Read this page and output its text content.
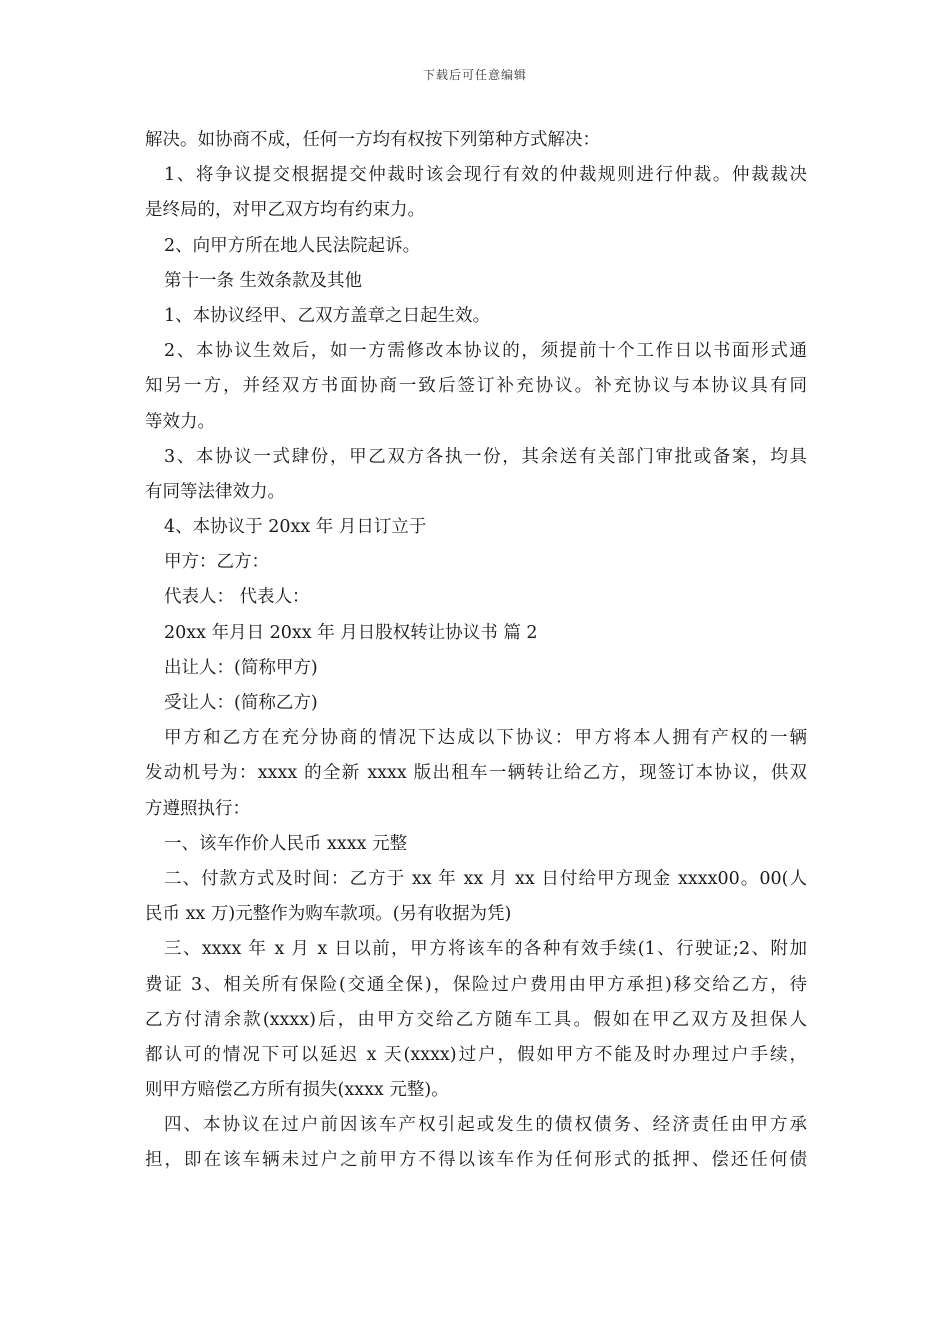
下载后可任意编辑
解决。如协商不成，任何一方均有权按下列第种方式解决：
1、将争议提交根据提交仲裁时该会现行有效的仲裁规则进行仲裁。仲裁裁决
是终局的，对甲乙双方均有约束力。
2、向甲方所在地人民法院起诉。
第十一条 生效条款及其他
1、本协议经甲、乙双方盖章之日起生效。
2、本协议生效后，如一方需修改本协议的，须提前十个工作日以书面形式通
知另一方，并经双方书面协商一致后签订补充协议。补充协议与本协议具有同
等效力。
3、本协议一式肆份，甲乙双方各执一份，其余送有关部门审批或备案，均具
有同等法律效力。
4、本协议于 20xx 年 月日订立于
甲方：乙方：
代表人： 代表人：
20xx 年月日 20xx 年 月日股权转让协议书 篇 2
出让人：(简称甲方)
受让人：(简称乙方)
甲方和乙方在充分协商的情况下达成以下协议：甲方将本人拥有产权的一辆
发动机号为：xxxx 的全新 xxxx 版出租车一辆转让给乙方，现签订本协议，供双
方遵照执行：
一、该车作价人民币 xxxx 元整
二、付款方式及时间：乙方于 xx 年 xx 月 xx 日付给甲方现金 xxxx00。00(人
民币 xx 万)元整作为购车款项。(另有收据为凭)
三、xxxx 年 x 月 x 日以前，甲方将该车的各种有效手续(1、行驶证;2、附加
费证 3、相关所有保险(交通全保)，保险过户费用由甲方承担)移交给乙方，待
乙方付清余款(xxxx)后，由甲方交给乙方随车工具。假如在甲乙双方及担保人
都认可的情况下可以延迟 x 天(xxxx)过户，假如甲方不能及时办理过户手续，
则甲方赔偿乙方所有损失(xxxx 元整)。
四、本协议在过户前因该车产权引起或发生的债权债务、经济责任由甲方承
担，即在该车辆未过户之前甲方不得以该车作为任何形式的抵押、偿还任何债
